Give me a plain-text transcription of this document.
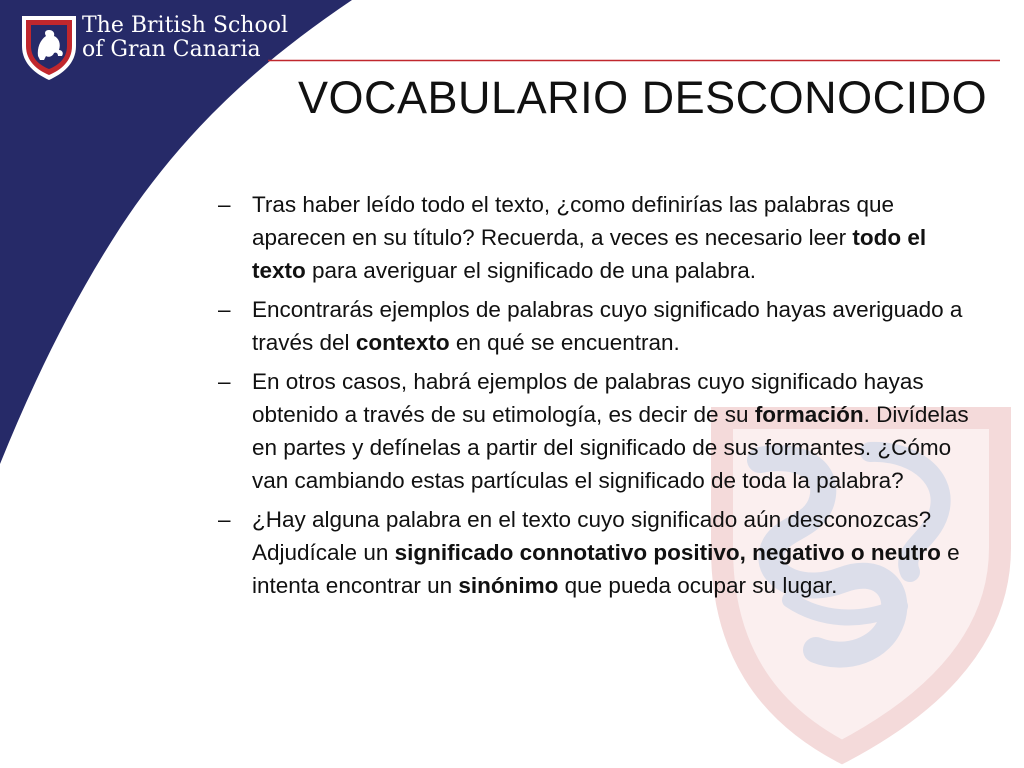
The British School
of Gran Canaria
VOCABULARIO DESCONOCIDO
– Tras haber leído todo el texto, ¿como definirías las palabras que aparecen en su título? Recuerda, a veces es necesario leer todo el texto para averiguar el significado de una palabra.
– Encontrarás ejemplos de palabras cuyo significado hayas averiguado a través del contexto en qué se encuentran.
– En otros casos, habrá ejemplos de palabras cuyo significado hayas obtenido a través de su etimología, es decir de su formación. Divídelas en partes y defínelas a partir del significado de sus formantes. ¿Cómo van cambiando estas partículas el significado de toda la palabra?
– ¿Hay alguna palabra en el texto cuyo significado aún desconozcas? Adjudícale un significado connotativo positivo, negativo o neutro e intenta encontrar un sinónimo que pueda ocupar su lugar.
